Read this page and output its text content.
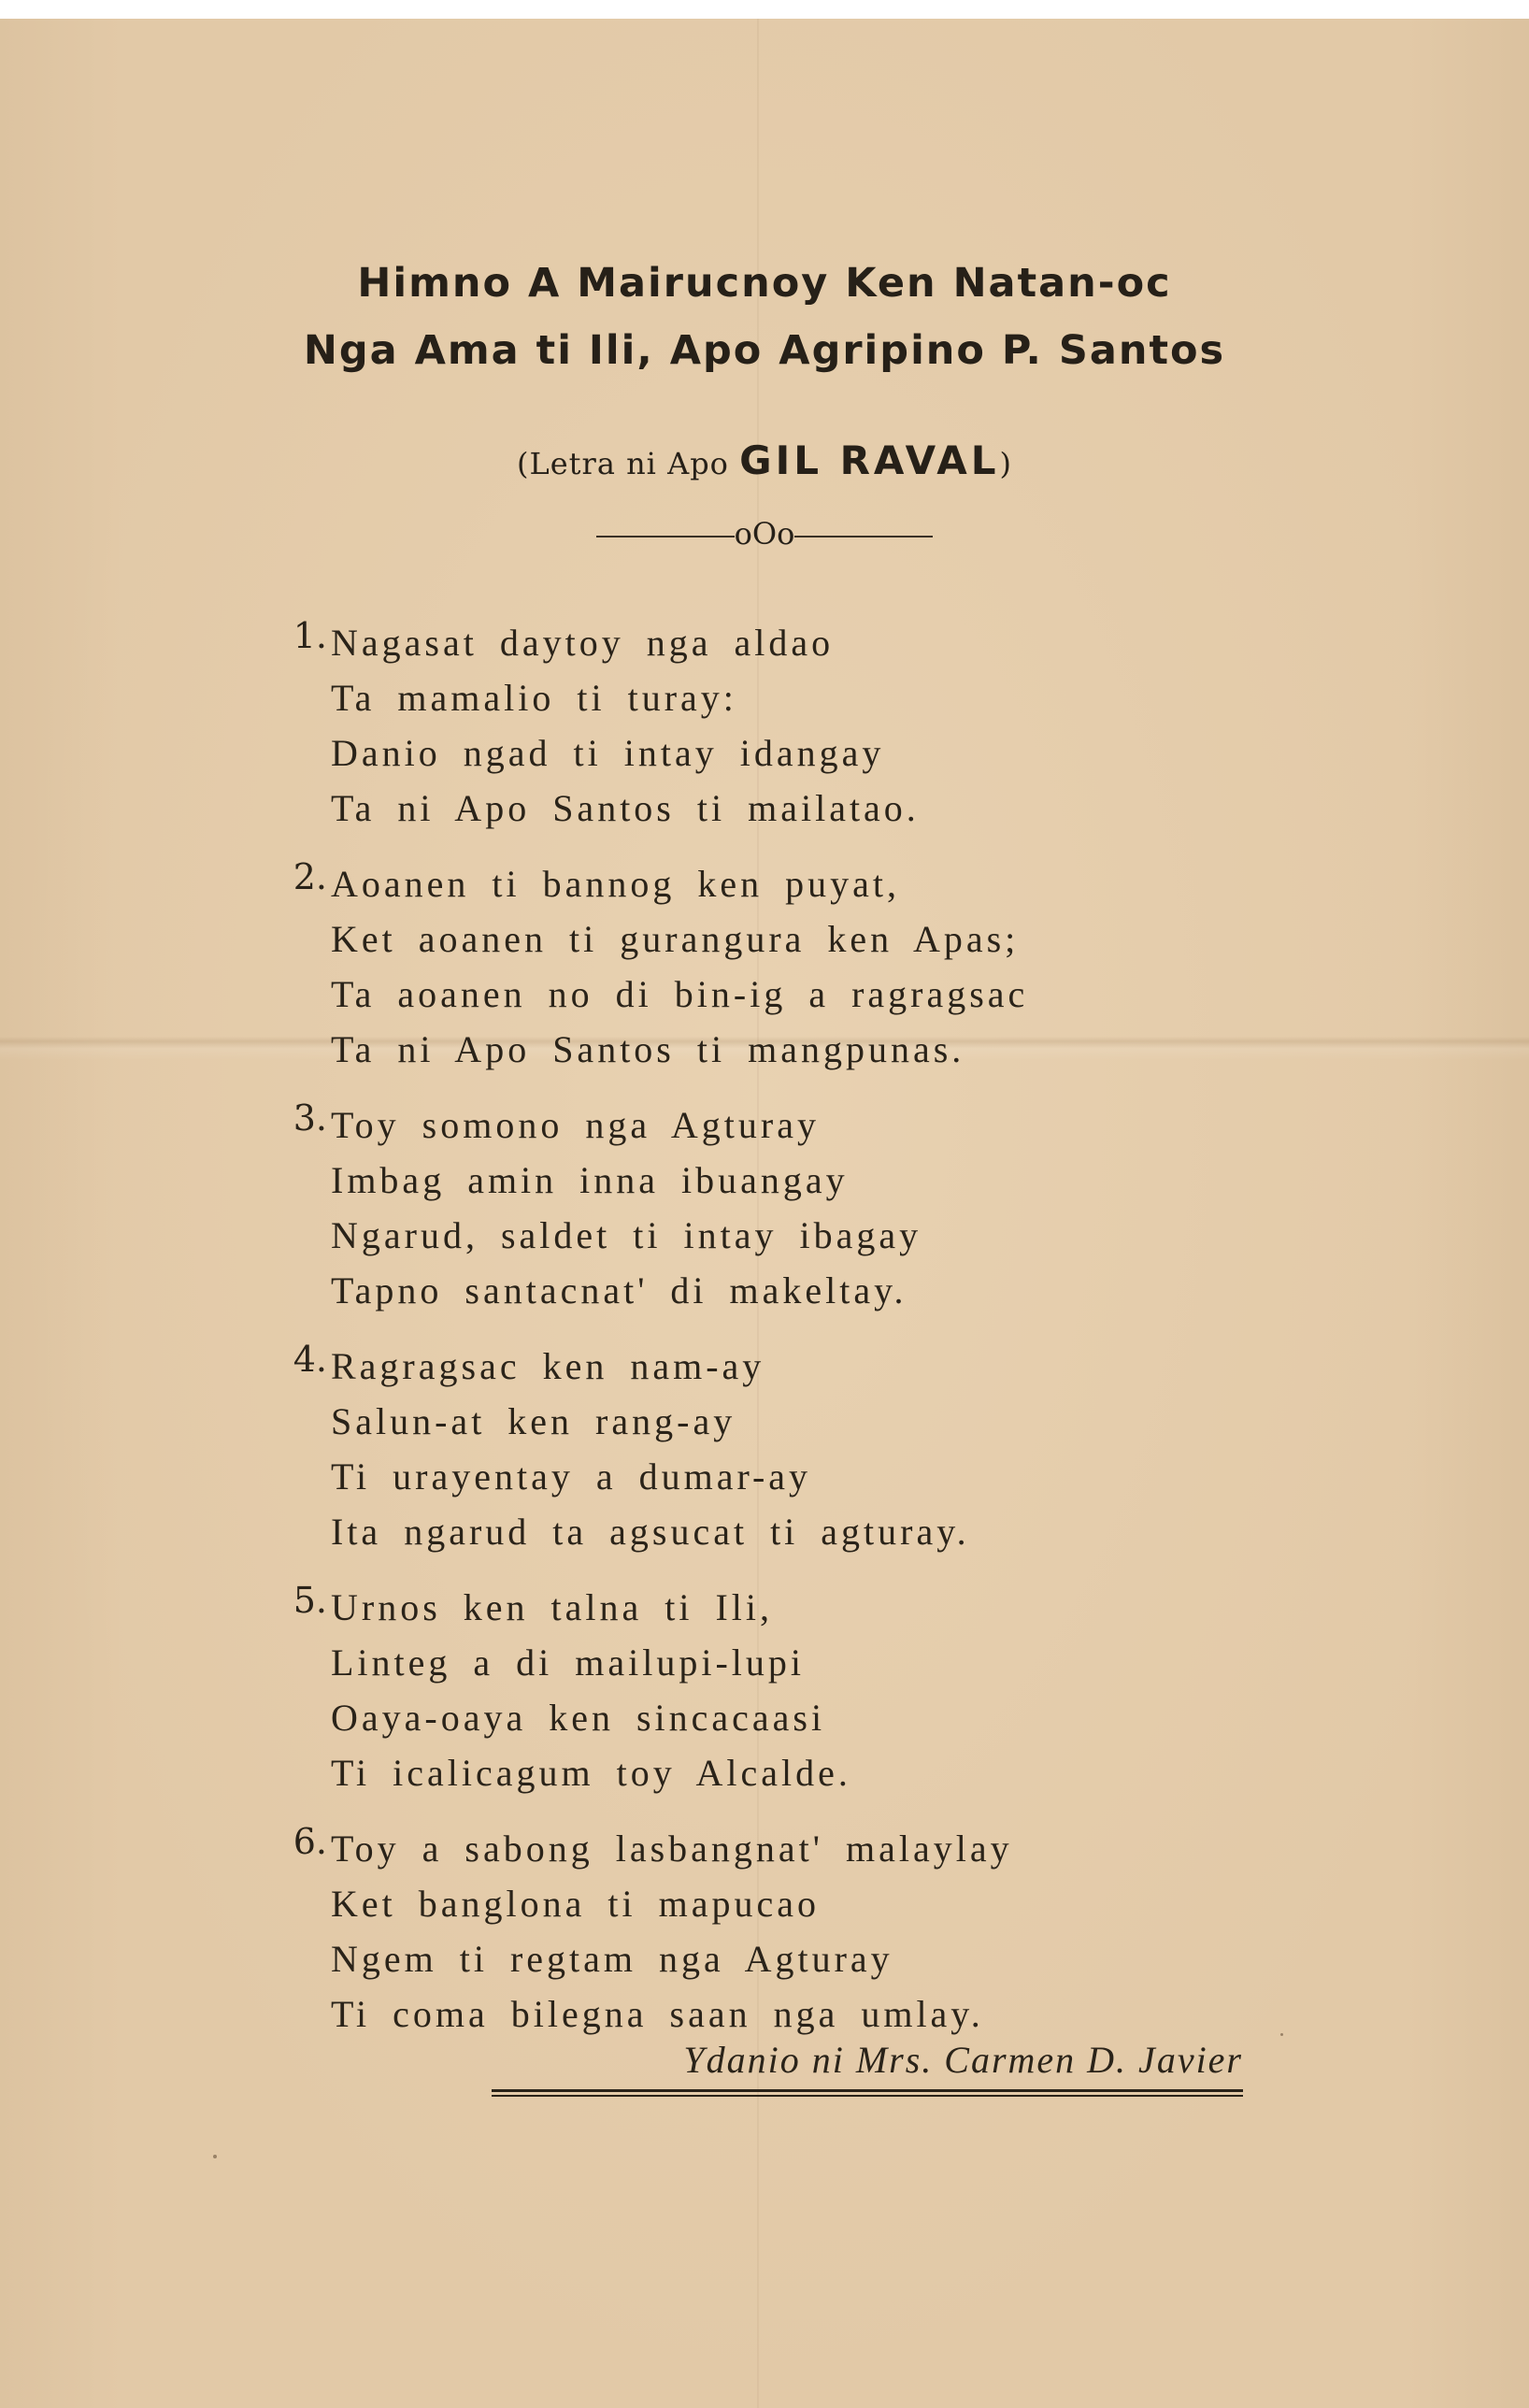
Himno A Mairucnoy Ken Natan-oc
Nga Ama ti Ili, Apo Agripino P. Santos
(Letra ni Apo GIL RAVAL)
oOo
1. Nagasat daytoy nga aldao
Ta mamalio ti turay:
Danio ngad ti intay idangay
Ta ni Apo Santos ti mailatao.
2. Aoanen ti bannog ken puyat,
Ket aoanen ti gurangura ken Apas;
Ta aoanen no di bin-ig a ragragsac
Ta ni Apo Santos ti mangpunas.
3. Toy somono nga Agturay
Imbag amin inna ibuangay
Ngarud, saldet ti intay ibagay
Tapno santacnat' di makeltay.
4. Ragragsac ken nam-ay
Salun-at ken rang-ay
Ti urayentay a dumar-ay
Ita ngarud ta agsucat ti agturay.
5. Urnos ken talna ti Ili,
Linteg a di mailupi-lupi
Oaya-oaya ken sincacaasi
Ti icalicagum toy Alcalde.
6. Toy a sabong lasbangnat' malaylay
Ket banglona ti mapucao
Ngem ti regtam nga Agturay
Ti coma bilegna saan nga umlay.
Ydanio ni Mrs. Carmen D. Javier
